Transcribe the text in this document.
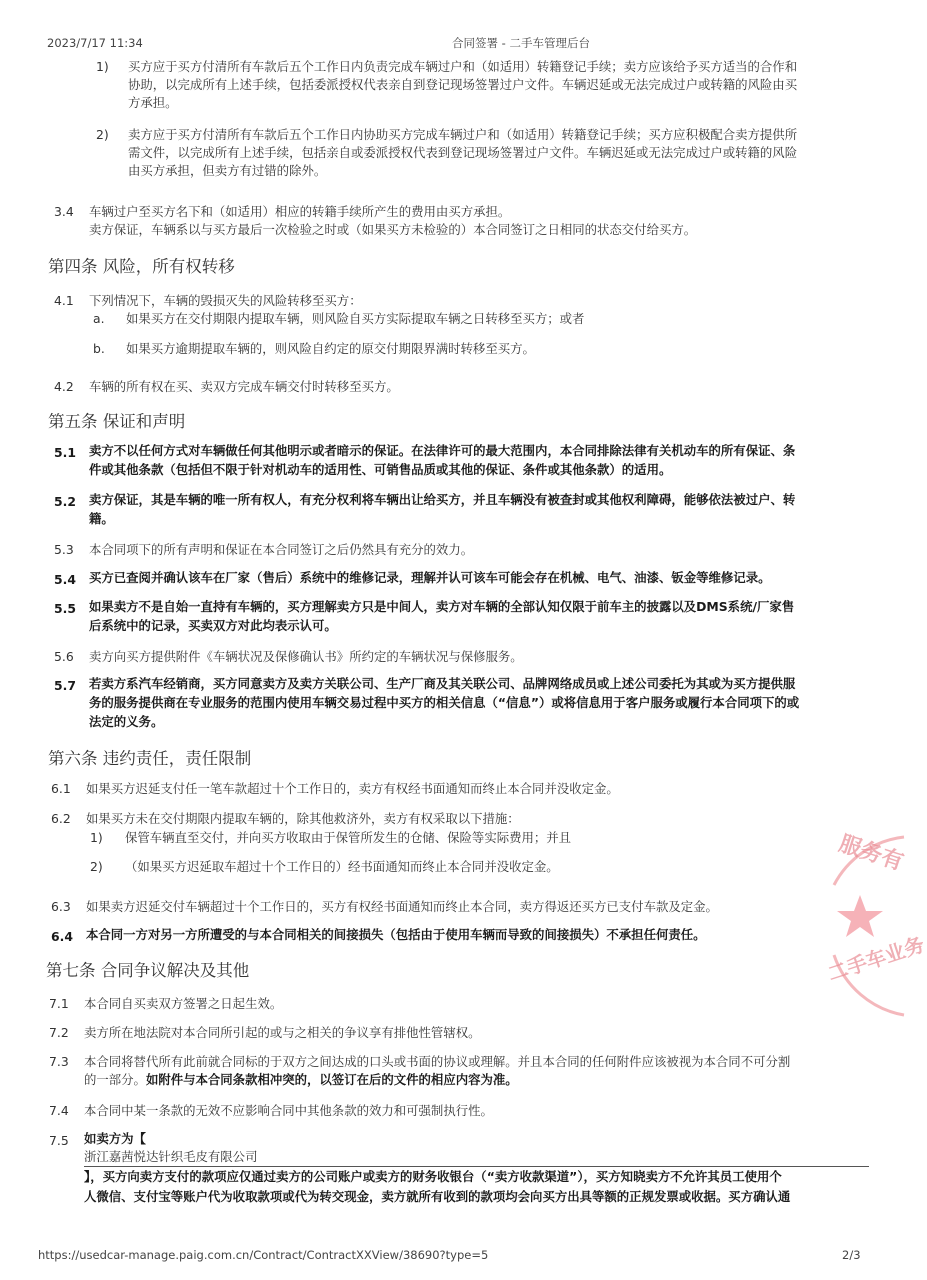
2023/7/17 11:34	合同签署 - 二手车管理后台
1) 买方应于买方付清所有车款后五个工作日内负责完成车辆过户和（如适用）转籍登记手续；卖方应该给予买方适当的合作和
协助，以完成所有上述手续，包括委派授权代表亲自到登记现场签署过户文件。车辆迟延或无法完成过户或转籍的风险由买
方承担。
2) 卖方应于买方付清所有车款后五个工作日内协助买方完成车辆过户和（如适用）转籍登记手续；买方应积极配合卖方提供所
需文件，以完成所有上述手续，包括亲自或委派授权代表到登记现场签署过户文件。车辆迟延或无法完成过户或转籍的风险
由买方承担，但卖方有过错的除外。
3.4 车辆过户至买方名下和（如适用）相应的转籍手续所产生的费用由买方承担。
卖方保证，车辆系以与买方最后一次检验之时或（如果买方未检验的）本合同签订之日相同的状态交付给买方。
第四条 风险，所有权转移
4.1 下列情况下，车辆的毁损灭失的风险转移至买方：
a. 如果买方在交付期限内提取车辆，则风险自买方实际提取车辆之日转移至买方；或者
b. 如果买方逾期提取车辆的，则风险自约定的原交付期限界满时转移至买方。
4.2 车辆的所有权在买、卖双方完成车辆交付时转移至买方。
第五条 保证和声明
5.1 卖方不以任何方式对车辆做任何其他明示或者暗示的保证。在法律许可的最大范围内，本合同排除法律有关机动车的所有保证、条
件或其他条款（包括但不限于针对机动车的适用性、可销售品质或其他的保证、条件或其他条款）的适用。
5.2 卖方保证，其是车辆的唯一所有权人，有充分权利将车辆出让给买方，并且车辆没有被查封或其他权利障碍，能够依法被过户、转
籍。
5.3 本合同项下的所有声明和保证在本合同签订之后仍然具有充分的效力。
5.4 买方已查阅并确认该车在厂家（售后）系统中的维修记录，理解并认可该车可能会存在机械、电气、油漆、钣金等维修记录。
5.5 如果卖方不是自始一直持有车辆的，买方理解卖方只是中间人，卖方对车辆的全部认知仅限于前车主的披露以及DMS系统/厂家售
后系统中的记录，买卖双方对此均表示认可。
5.6 卖方向买方提供附件《车辆状况及保修确认书》所约定的车辆状况与保修服务。
5.7 若卖方系汽车经销商，买方同意卖方及卖方关联公司、生产厂商及其关联公司、品牌网络成员或上述公司委托为其或为买方提供服
务的服务提供商在专业服务的范围内使用车辆交易过程中买方的相关信息（“信息”）或将信息用于客户服务或履行本合同项下的或
法定的义务。
第六条 违约责任，责任限制
6.1 如果买方迟延支付任一笔车款超过十个工作日的，卖方有权经书面通知而终止本合同并没收定金。
6.2 如果买方未在交付期限内提取车辆的，除其他救济外，卖方有权采取以下措施：
1) 保管车辆直至交付，并向买方收取由于保管所发生的仓储、保险等实际费用；并且
2) （如果买方迟延取车超过十个工作日的）经书面通知而终止本合同并没收定金。
6.3 如果卖方迟延交付车辆超过十个工作日的，买方有权经书面通知而终止本合同，卖方得返还买方已支付车款及定金。
6.4 本合同一方对另一方所遭受的与本合同相关的间接损失（包括由于使用车辆而导致的间接损失）不承担任何责任。
第七条 合同争议解决及其他
7.1 本合同自买卖双方签署之日起生效。
7.2 卖方所在地法院对本合同所引起的或与之相关的争议享有排他性管辖权。
7.3 本合同将替代所有此前就合同标的于双方之间达成的口头或书面的协议或理解。并且本合同的任何附件应该被视为本合同不可分割
的一部分。如附件与本合同条款相冲突的，以签订在后的文件的相应内容为准。
7.4 本合同中某一条款的无效不应影响合同中其他条款的效力和可强制执行性。
7.5 如卖方为【
浙江嘉茜悦达针织毛皮有限公司
】，买方向卖方支付的款项应仅通过卖方的公司账户或卖方的财务收银台（“卖方收款渠道”），买方知晓卖方不允许其员工使用个
人微信、支付宝等账户代为收取款项或代为转交现金，卖方就所有收到的款项均会向买方出具等额的正规发票或收据。买方确认通
服务有
二手车业务
https://usedcar-manage.paig.com.cn/Contract/ContractXXView/38690?type=5	2/3
